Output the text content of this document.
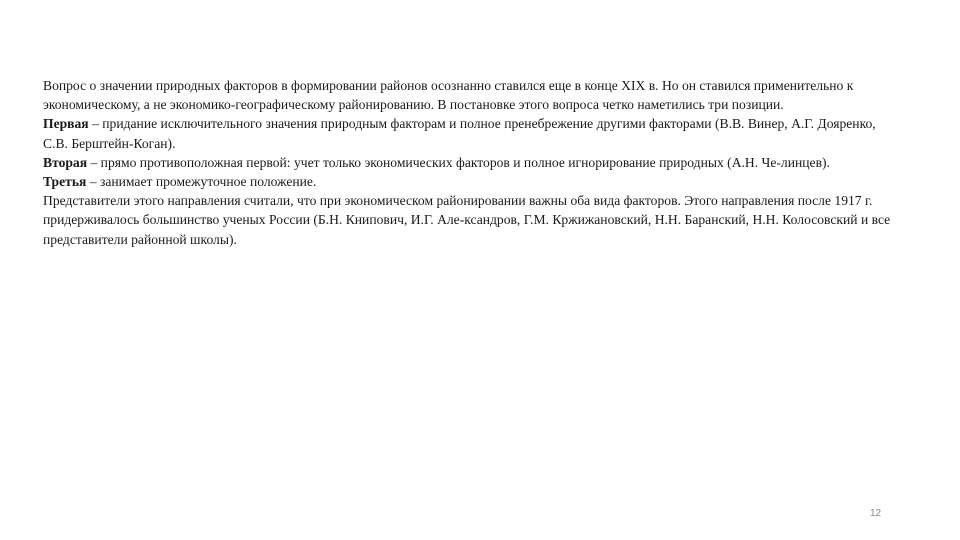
Вопрос о значении природных факторов в формировании районов осознанно ставился еще в конце XIX в. Но он ставился применительно к экономическому, а не экономико-географическому районированию. В постановке этого вопроса четко наметились три позиции.

Первая – придание исключительного значения природным факторам и полное пренебрежение другими факторами (В.В. Винер, А.Г. Дояренко, С.В. Берштейн-Коган).

Вторая – прямо противоположная первой: учет только экономических факторов и полное игнорирование природных (А.Н. Че-линцев).

Третья – занимает промежуточное положение.

Представители этого направления считали, что при экономическом районировании важны оба вида факторов. Этого направления после 1917 г. придерживалось большинство ученых России (Б.Н. Книпович, И.Г. Але-ксандров, Г.М. Кржижановский, Н.Н. Баранский, Н.Н. Колосовский и все представители районной школы).

12
